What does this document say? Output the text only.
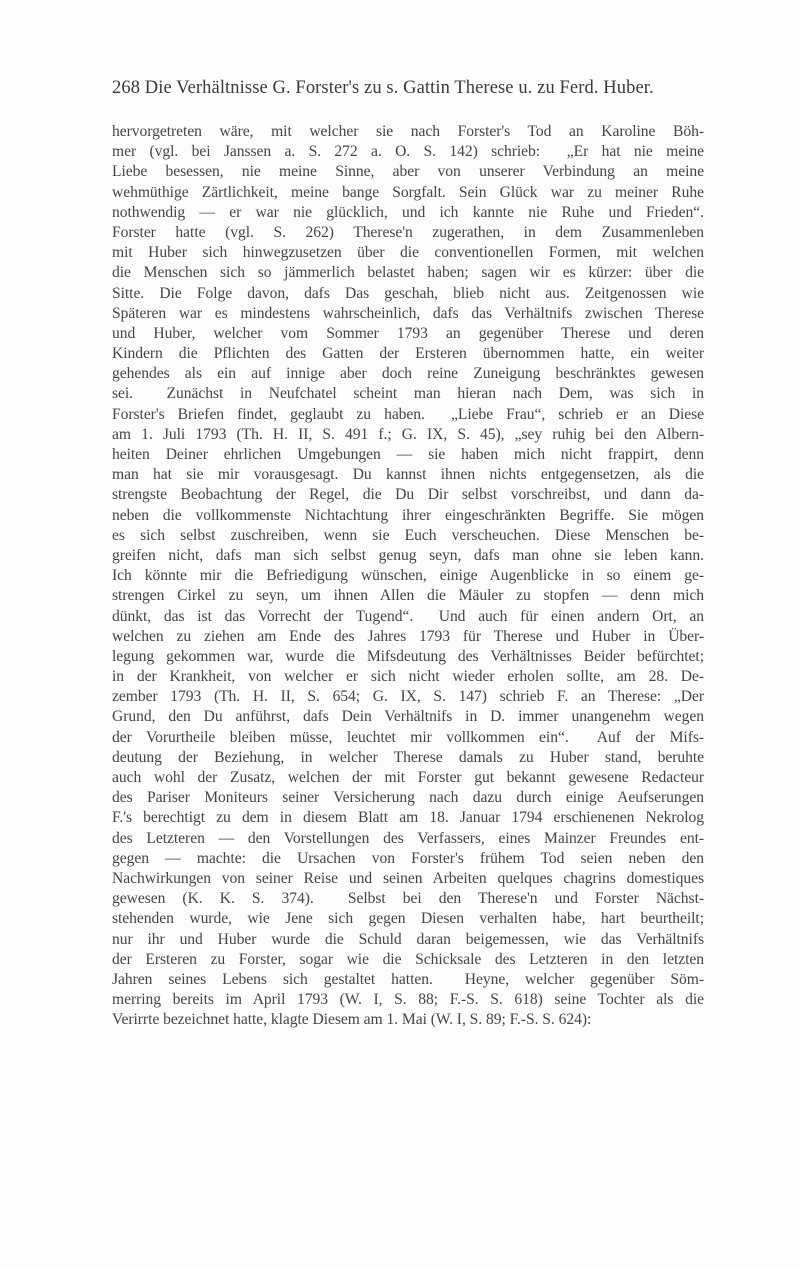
268 Die Verhältnisse G. Forster's zu s. Gattin Therese u. zu Ferd. Huber.
hervorgetreten wäre, mit welcher sie nach Forster's Tod an Karoline Böh-
mer (vgl. bei Janssen a. S. 272 a. O. S. 142) schrieb:  „Er hat nie meine
Liebe besessen, nie meine Sinne, aber von unserer Verbindung an meine
wehmüthige Zärtlichkeit, meine bange Sorgfalt. Sein Glück war zu meiner Ruhe
nothwendig — er war nie glücklich, und ich kannte nie Ruhe und Frieden“.
Forster hatte (vgl. S. 262) Therese'n zugerathen, in dem Zusammenleben
mit Huber sich hinwegzusetzen über die conventionellen Formen, mit welchen
die Menschen sich so jämmerlich belastet haben; sagen wir es kürzer: über die
Sitte. Die Folge davon, dafs Das geschah, blieb nicht aus. Zeitgenossen wie
Späteren war es mindestens wahrscheinlich, dafs das Verhältnifs zwischen Therese
und Huber, welcher vom Sommer 1793 an gegenüber Therese und deren
Kindern die Pflichten des Gatten der Ersteren übernommen hatte, ein weiter
gehendes als ein auf innige aber doch reine Zuneigung beschränktes gewesen
sei.  Zunächst in Neufchatel scheint man hieran nach Dem, was sich in
Forster's Briefen findet, geglaubt zu haben.  „Liebe Frau“, schrieb er an Diese
am 1. Juli 1793 (Th. H. II, S. 491 f.; G. IX, S. 45), „sey ruhig bei den Albern-
heiten Deiner ehrlichen Umgebungen — sie haben mich nicht frappirt, denn
man hat sie mir vorausgesagt. Du kannst ihnen nichts entgegensetzen, als die
strengste Beobachtung der Regel, die Du Dir selbst vorschreibst, und dann da-
neben die vollkommenste Nichtachtung ihrer eingeschränkten Begriffe. Sie mögen
es sich selbst zuschreiben, wenn sie Euch verscheuchen. Diese Menschen be-
greifen nicht, dafs man sich selbst genug seyn, dafs man ohne sie leben kann.
Ich könnte mir die Befriedigung wünschen, einige Augenblicke in so einem ge-
strengen Cirkel zu seyn, um ihnen Allen die Mäuler zu stopfen — denn mich
dünkt, das ist das Vorrecht der Tugend“.  Und auch für einen andern Ort, an
welchen zu ziehen am Ende des Jahres 1793 für Therese und Huber in Über-
legung gekommen war, wurde die Mifsdeutung des Verhältnisses Beider befürchtet;
in der Krankheit, von welcher er sich nicht wieder erholen sollte, am 28. De-
zember 1793 (Th. H. II, S. 654; G. IX, S. 147) schrieb F. an Therese: „Der
Grund, den Du anführst, dafs Dein Verhältnifs in D. immer unangenehm wegen
der Vorurtheile bleiben müsse, leuchtet mir vollkommen ein“.  Auf der Mifs-
deutung der Beziehung, in welcher Therese damals zu Huber stand, beruhte
auch wohl der Zusatz, welchen der mit Forster gut bekannt gewesene Redacteur
des Pariser Moniteurs seiner Versicherung nach dazu durch einige Aeufserungen
F.'s berechtigt zu dem in diesem Blatt am 18. Januar 1794 erschienenen Nekrolog
des Letzteren — den Vorstellungen des Verfassers, eines Mainzer Freundes ent-
gegen — machte: die Ursachen von Forster's frühem Tod seien neben den
Nachwirkungen von seiner Reise und seinen Arbeiten quelques chagrins domestiques
gewesen (K. K. S. 374).  Selbst bei den Therese'n und Forster Nächst-
stehenden wurde, wie Jene sich gegen Diesen verhalten habe, hart beurtheilt;
nur ihr und Huber wurde die Schuld daran beigemessen, wie das Verhältnifs
der Ersteren zu Forster, sogar wie die Schicksale des Letzteren in den letzten
Jahren seines Lebens sich gestaltet hatten.  Heyne, welcher gegenüber Söm-
merring bereits im April 1793 (W. I, S. 88; F.-S. S. 618) seine Tochter als die
Verirrte bezeichnet hatte, klagte Diesem am 1. Mai (W. I, S. 89; F.-S. S. 624):
